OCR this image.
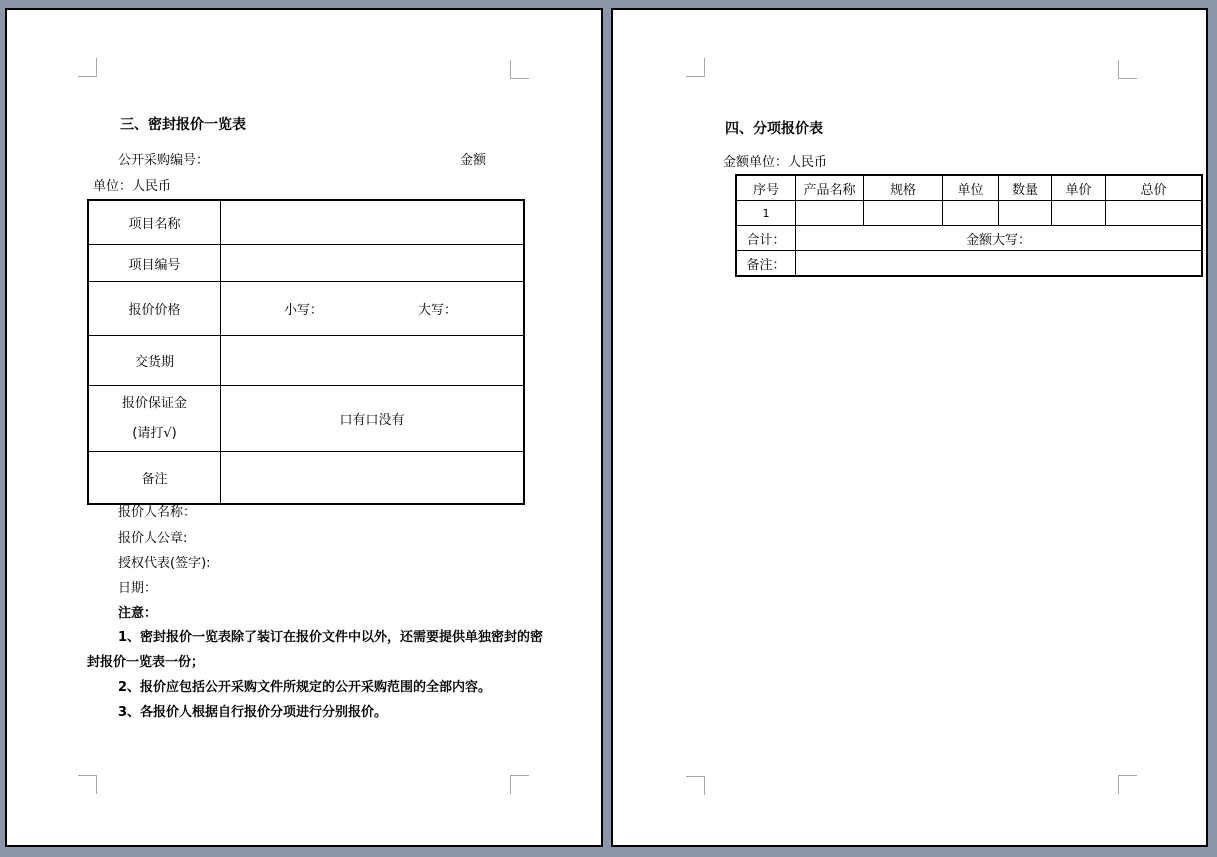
三、密封报价一览表
公开采购编号：	金额
单位：人民币
项目名称	
项目编号	
报价价格	小写： 大写：
交货期	

报价保证金
(请打√)	口有口没有
备注	
报价人名称：
报价人公章:
授权代表(签字):
日期：
注意：
1、密封报价一览表除了装订在报价文件中以外，还需要提供单独密封的密
封报价一览表一份；
2、报价应包括公开采购文件所规定的公开采购范围的全部内容。
3、各报价人根据自行报价分项进行分别报价。
四、分项报价表
金额单位：人民币
序号	产品名称	规格	单位	数量	单价	总价
1						
合计：	金额大写：					
备注：						
